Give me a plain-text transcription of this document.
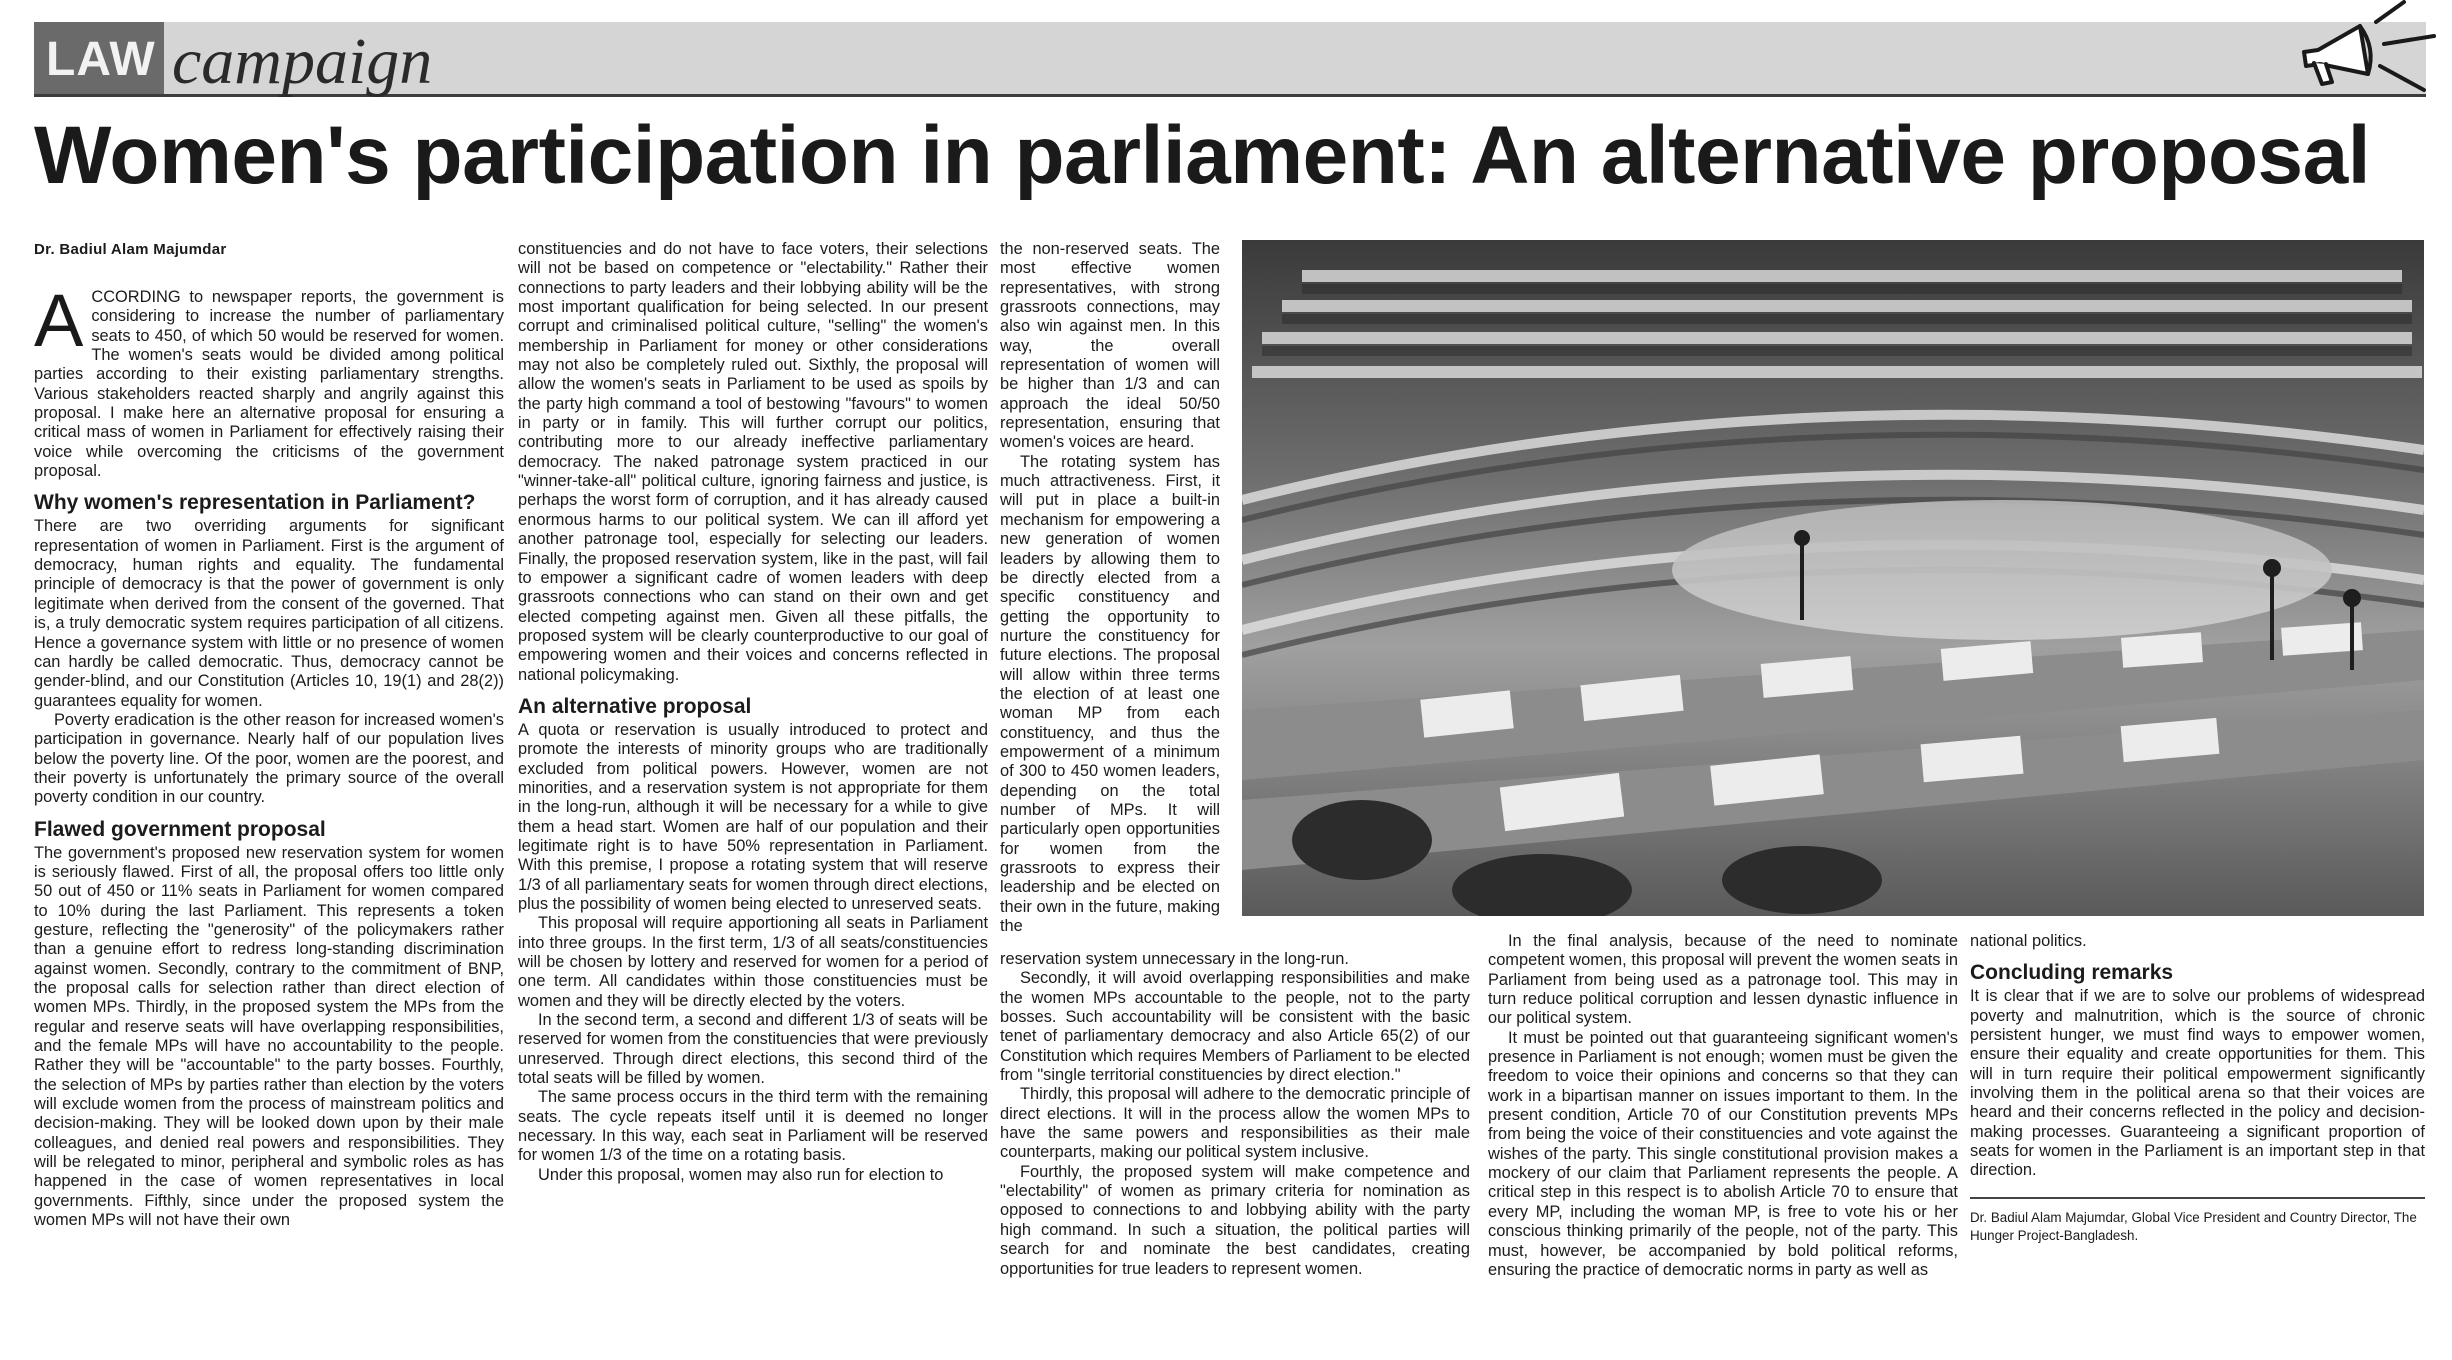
LAW campaign
Women's participation in parliament: An alternative proposal
Dr. Badiul Alam Majumdar

ACCORDING to newspaper reports, the government is considering to increase the number of parliamentary seats to 450, of which 50 would be reserved for women. The women's seats would be divided among political parties according to their existing parliamentary strengths. Various stakeholders reacted sharply and angrily against this proposal. I make here an alternative proposal for ensuring a critical mass of women in Parliament for effectively raising their voice while overcoming the criticisms of the government proposal.

Why women's representation in Parliament?

There are two overriding arguments for significant representation of women in Parliament. First is the argument of democracy, human rights and equality. The fundamental principle of democracy is that the power of government is only legitimate when derived from the consent of the governed. That is, a truly democratic system requires participation of all citizens. Hence a governance system with little or no presence of women can hardly be called democratic. Thus, democracy cannot be gender-blind, and our Constitution (Articles 10, 19(1) and 28(2)) guarantees equality for women.

Poverty eradication is the other reason for increased women's participation in governance. Nearly half of our population lives below the poverty line. Of the poor, women are the poorest, and their poverty is unfortunately the primary source of the overall poverty condition in our country.

Flawed government proposal

The government's proposed new reservation system for women is seriously flawed. First of all, the proposal offers too little only 50 out of 450 or 11% seats in Parliament for women compared to 10% during the last Parliament. This represents a token gesture, reflecting the "generosity" of the policymakers rather than a genuine effort to redress long-standing discrimination against women. Secondly, contrary to the commitment of BNP, the proposal calls for selection rather than direct election of women MPs. Thirdly, in the proposed system the MPs from the regular and reserve seats will have overlapping responsibilities, and the female MPs will have no accountability to the people. Rather they will be "accountable" to the party bosses. Fourthly, the selection of MPs by parties rather than election by the voters will exclude women from the process of mainstream politics and decision-making. They will be looked down upon by their male colleagues, and denied real powers and responsibilities. They will be relegated to minor, peripheral and symbolic roles as has happened in the case of women representatives in local governments. Fifthly, since under the proposed system the women MPs will not have their own

constituencies and do not have to face voters, their selections will not be based on competence or "electability." Rather their connections to party leaders and their lobbying ability will be the most important qualification for being selected. In our present corrupt and criminalised political culture, "selling" the women's membership in Parliament for money or other considerations may not also be completely ruled out. Sixthly, the proposal will allow the women's seats in Parliament to be used as spoils by the party high command a tool of bestowing "favours" to women in party or in family. This will further corrupt our politics, contributing more to our already ineffective parliamentary democracy. The naked patronage system practiced in our "winner-take-all" political culture, ignoring fairness and justice, is perhaps the worst form of corruption, and it has already caused enormous harms to our political system. We can ill afford yet another patronage tool, especially for selecting our leaders. Finally, the proposed reservation system, like in the past, will fail to empower a significant cadre of women leaders with deep grassroots connections who can stand on their own and get elected competing against men. Given all these pitfalls, the proposed system will be clearly counterproductive to our goal of empowering women and their voices and concerns reflected in national policymaking.

An alternative proposal

A quota or reservation is usually introduced to protect and promote the interests of minority groups who are traditionally excluded from political powers. However, women are not minorities, and a reservation system is not appropriate for them in the long-run, although it will be necessary for a while to give them a head start. Women are half of our population and their legitimate right is to have 50% representation in Parliament. With this premise, I propose a rotating system that will reserve 1/3 of all parliamentary seats for women through direct elections, plus the possibility of women being elected to unreserved seats.

This proposal will require apportioning all seats in Parliament into three groups. In the first term, 1/3 of all seats/constituencies will be chosen by lottery and reserved for women for a period of one term. All candidates within those constituencies must be women and they will be directly elected by the voters.

In the second term, a second and different 1/3 of seats will be reserved for women from the constituencies that were previously unreserved. Through direct elections, this second third of the total seats will be filled by women.

The same process occurs in the third term with the remaining seats. The cycle repeats itself until it is deemed no longer necessary. In this way, each seat in Parliament will be reserved for women 1/3 of the time on a rotating basis.

Under this proposal, women may also run for election to

the non-reserved seats. The most effective women representatives, with strong grassroots connections, may also win against men. In this way, the overall representation of women will be higher than 1/3 and can approach the ideal 50/50 representation, ensuring that women's voices are heard.

The rotating system has much attractiveness. First, it will put in place a built-in mechanism for empowering a new generation of women leaders by allowing them to be directly elected from a specific constituency and getting the opportunity to nurture the constituency for future elections. The proposal will allow within three terms the election of at least one woman MP from each constituency, and thus the empowerment of a minimum of 300 to 450 women leaders, depending on the total number of MPs. It will particularly open opportunities for women from the grassroots to express their leadership and be elected on their own in the future, making the

reservation system unnecessary in the long-run.

Secondly, it will avoid overlapping responsibilities and make the women MPs accountable to the people, not to the party bosses. Such accountability will be consistent with the basic tenet of parliamentary democracy and also Article 65(2) of our Constitution which requires Members of Parliament to be elected from "single territorial constituencies by direct election."

Thirdly, this proposal will adhere to the democratic principle of direct elections. It will in the process allow the women MPs to have the same powers and responsibilities as their male counterparts, making our political system inclusive.

Fourthly, the proposed system will make competence and "electability" of women as primary criteria for nomination as opposed to connections to and lobbying ability with the party high command. In such a situation, the political parties will search for and nominate the best candidates, creating opportunities for true leaders to represent women.

In the final analysis, because of the need to nominate competent women, this proposal will prevent the women seats in Parliament from being used as a patronage tool. This may in turn reduce political corruption and lessen dynastic influence in our political system.

It must be pointed out that guaranteeing significant women's presence in Parliament is not enough; women must be given the freedom to voice their opinions and concerns so that they can work in a bipartisan manner on issues important to them. In the present condition, Article 70 of our Constitution prevents MPs from being the voice of their constituencies and vote against the wishes of the party. This single constitutional provision makes a mockery of our claim that Parliament represents the people. A critical step in this respect is to abolish Article 70 to ensure that every MP, including the woman MP, is free to vote his or her conscious thinking primarily of the people, not of the party. This must, however, be accompanied by bold political reforms, ensuring the practice of democratic norms in party as well as

national politics.

Concluding remarks

It is clear that if we are to solve our problems of widespread poverty and malnutrition, which is the source of chronic persistent hunger, we must find ways to empower women, ensure their equality and create opportunities for them. This will in turn require their political empowerment significantly involving them in the political arena so that their voices are heard and their concerns reflected in the policy and decision-making processes. Guaranteeing a significant proportion of seats for women in the Parliament is an important step in that direction.

Dr. Badiul Alam Majumdar, Global Vice President and Country Director, The Hunger Project-Bangladesh.
